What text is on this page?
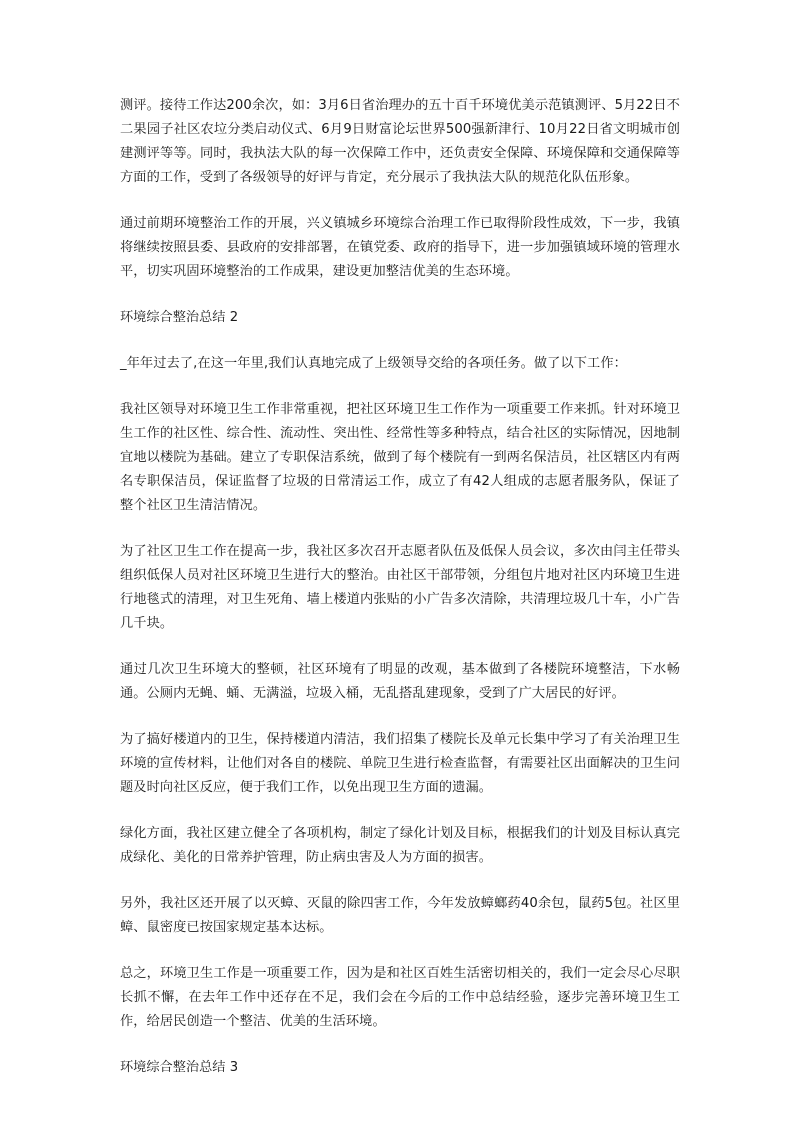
测评。接待工作达200余次，如：3月6日省治理办的五十百千环境优美示范镇测评、5月22日不二果园子社区农垃分类启动仪式、6月9日财富论坛世界500强新津行、10月22日省文明城市创建测评等等。同时，我执法大队的每一次保障工作中，还负责安全保障、环境保障和交通保障等方面的工作，受到了各级领导的好评与肯定，充分展示了我执法大队的规范化队伍形象。

通过前期环境整治工作的开展，兴义镇城乡环境综合治理工作已取得阶段性成效，下一步，我镇将继续按照县委、县政府的安排部署，在镇党委、政府的指导下，进一步加强镇域环境的管理水平，切实巩固环境整治的工作成果，建设更加整洁优美的生态环境。

环境综合整治总结 2

_年年过去了,在这一年里,我们认真地完成了上级领导交给的各项任务。做了以下工作：

我社区领导对环境卫生工作非常重视，把社区环境卫生工作作为一项重要工作来抓。针对环境卫生工作的社区性、综合性、流动性、突出性、经常性等多种特点，结合社区的实际情况，因地制宜地以楼院为基础。建立了专职保洁系统，做到了每个楼院有一到两名保洁员，社区辖区内有两名专职保洁员，保证监督了垃圾的日常清运工作，成立了有42人组成的志愿者服务队，保证了整个社区卫生清洁情况。

为了社区卫生工作在提高一步，我社区多次召开志愿者队伍及低保人员会议，多次由闫主任带头组织低保人员对社区环境卫生进行大的整治。由社区干部带领，分组包片地对社区内环境卫生进行地毯式的清理，对卫生死角、墙上楼道内张贴的小广告多次清除，共清理垃圾几十车，小广告几千块。

通过几次卫生环境大的整顿，社区环境有了明显的改观，基本做到了各楼院环境整洁，下水畅通。公厕内无蝇、蛹、无满溢，垃圾入桶，无乱搭乱建现象，受到了广大居民的好评。

为了搞好楼道内的卫生，保持楼道内清洁，我们招集了楼院长及单元长集中学习了有关治理卫生环境的宣传材料，让他们对各自的楼院、单院卫生进行检查监督，有需要社区出面解决的卫生问题及时向社区反应，便于我们工作，以免出现卫生方面的遗漏。

绿化方面，我社区建立健全了各项机构，制定了绿化计划及目标，根据我们的计划及目标认真完成绿化、美化的日常养护管理，防止病虫害及人为方面的损害。

另外，我社区还开展了以灭蟑、灭鼠的除四害工作，今年发放蟑螂药40余包，鼠药5包。社区里蟑、鼠密度已按国家规定基本达标。

总之，环境卫生工作是一项重要工作，因为是和社区百姓生活密切相关的，我们一定会尽心尽职长抓不懈，在去年工作中还存在不足，我们会在今后的工作中总结经验，逐步完善环境卫生工作，给居民创造一个整洁、优美的生活环境。

环境综合整治总结 3
